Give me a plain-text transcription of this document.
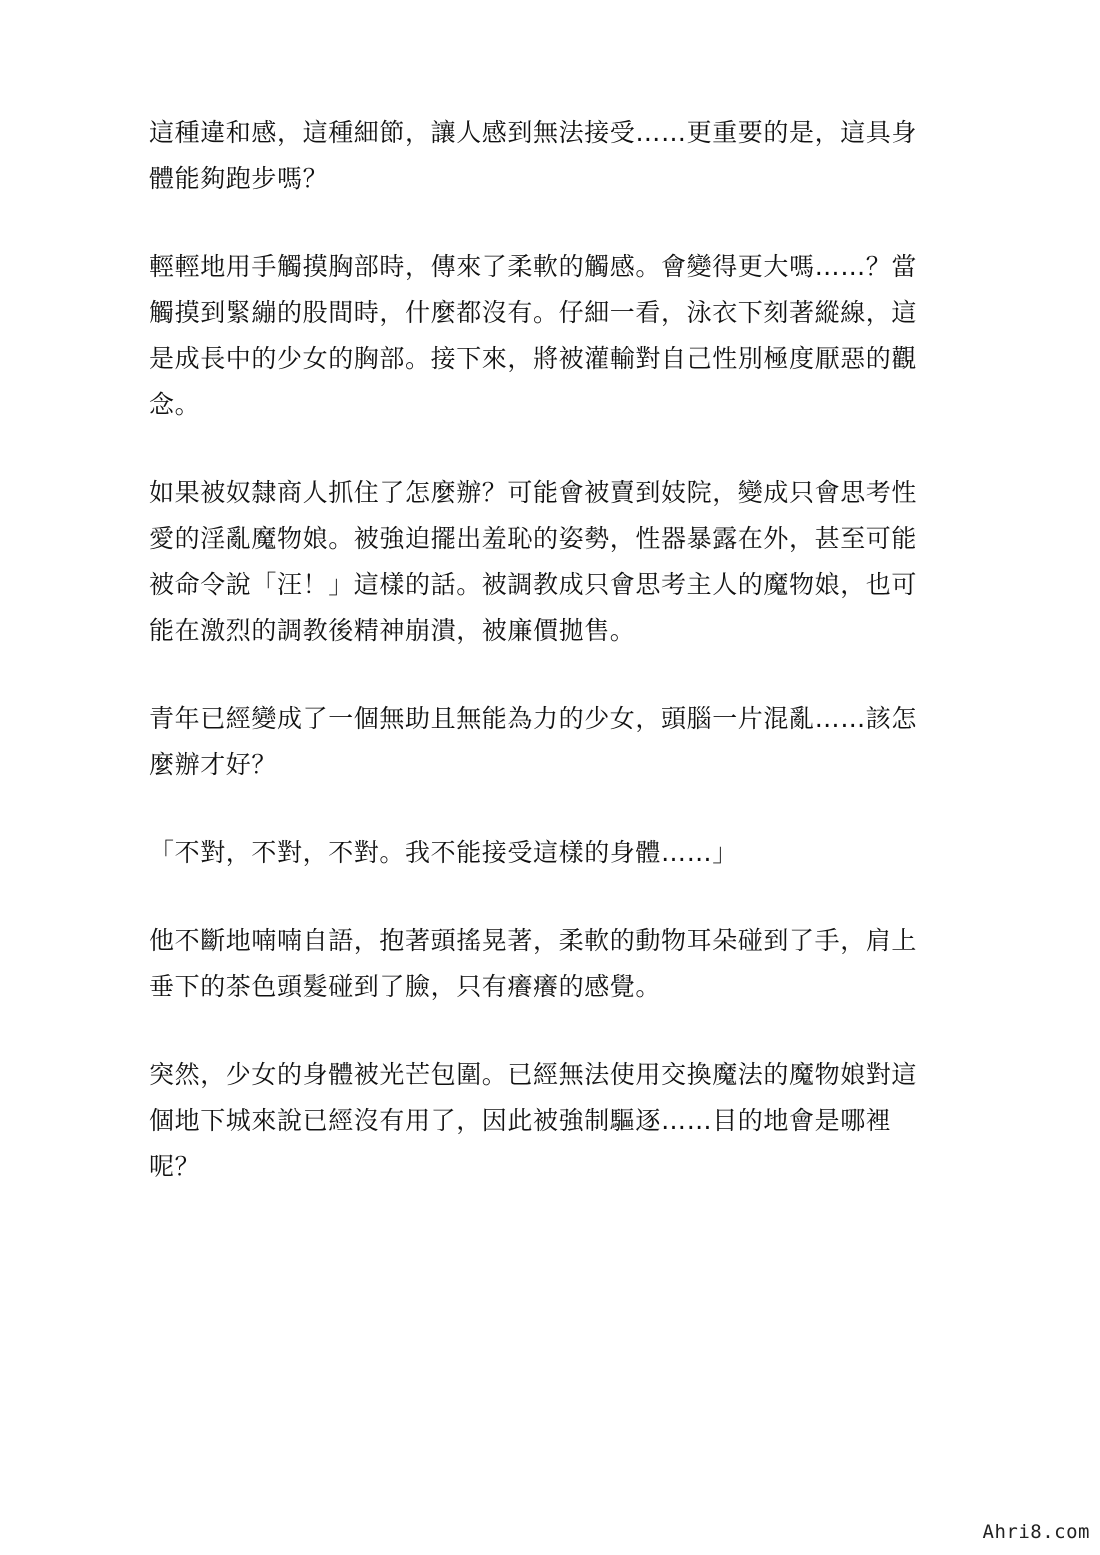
這種違和感，這種細節，讓人感到無法接受……更重要的是，這具身
體能夠跑步嗎？

輕輕地用手觸摸胸部時，傳來了柔軟的觸感。會變得更大嗎……？當
觸摸到緊繃的股間時，什麼都沒有。仔細一看，泳衣下刻著縱線，這
是成長中的少女的胸部。接下來，將被灌輸對自己性別極度厭惡的觀
念。

如果被奴隸商人抓住了怎麼辦？可能會被賣到妓院，變成只會思考性
愛的淫亂魔物娘。被強迫擺出羞恥的姿勢，性器暴露在外，甚至可能
被命令說「汪！」這樣的話。被調教成只會思考主人的魔物娘，也可
能在激烈的調教後精神崩潰，被廉價拋售。

青年已經變成了一個無助且無能為力的少女，頭腦一片混亂……該怎
麼辦才好？

「不對，不對，不對。我不能接受這樣的身體……」

他不斷地喃喃自語，抱著頭搖晃著，柔軟的動物耳朵碰到了手，肩上
垂下的茶色頭髮碰到了臉，只有癢癢的感覺。

突然，少女的身體被光芒包圍。已經無法使用交換魔法的魔物娘對這
個地下城來說已經沒有用了，因此被強制驅逐……目的地會是哪裡
呢？

Ahri8.com
